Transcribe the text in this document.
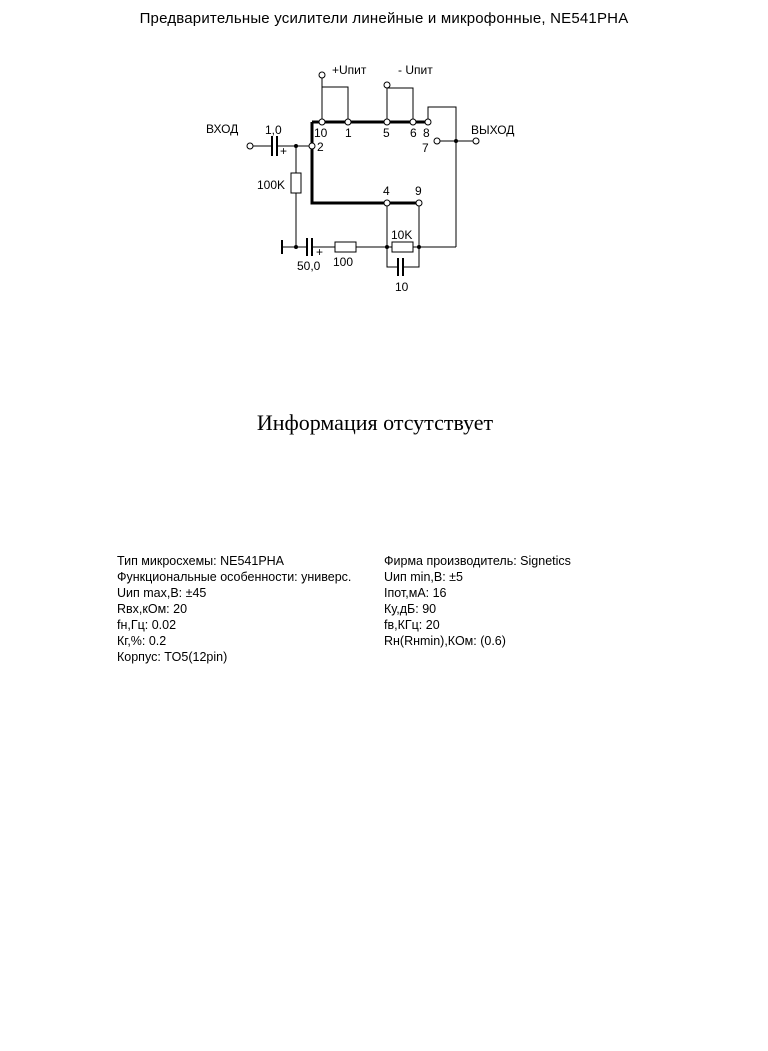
Предварительные усилители линейные и микрофонные, NE541PHA
+Uпит	- Uпит
ВХОД	ВЫХОД
1,0
+
100K
+
50,0 100
10K
10
10 1	5 6 8
2	7
4 9
Информация отсутствует
Тип микросхемы: NE541PHA
Функциональные особенности: универс.
Uип max,В: ±45
Rвх,кОм: 20
fн,Гц: 0.02
Кг,%: 0.2
Корпус: TO5(12pin)
Фирма производитель: Signetics
Uип min,В: ±5
Iпот,мА: 16
Ку,дБ: 90
fв,КГц: 20
Rн(Rнmin),КОм: (0.6)
